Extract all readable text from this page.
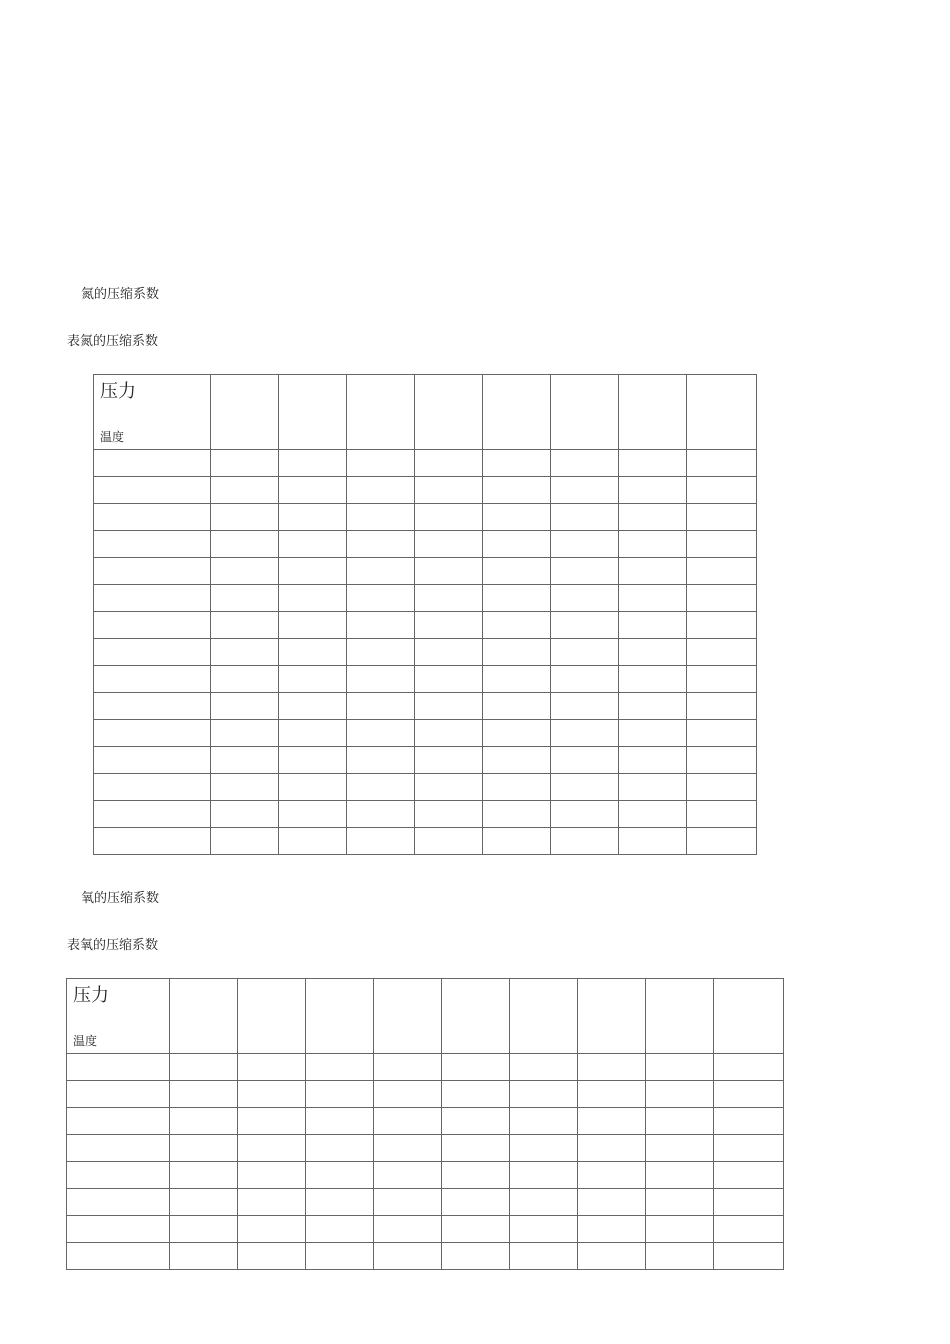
氮的压缩系数
表氮的压缩系数
压力
温度								

氧的压缩系数
表氧的压缩系数
压力
温度									
